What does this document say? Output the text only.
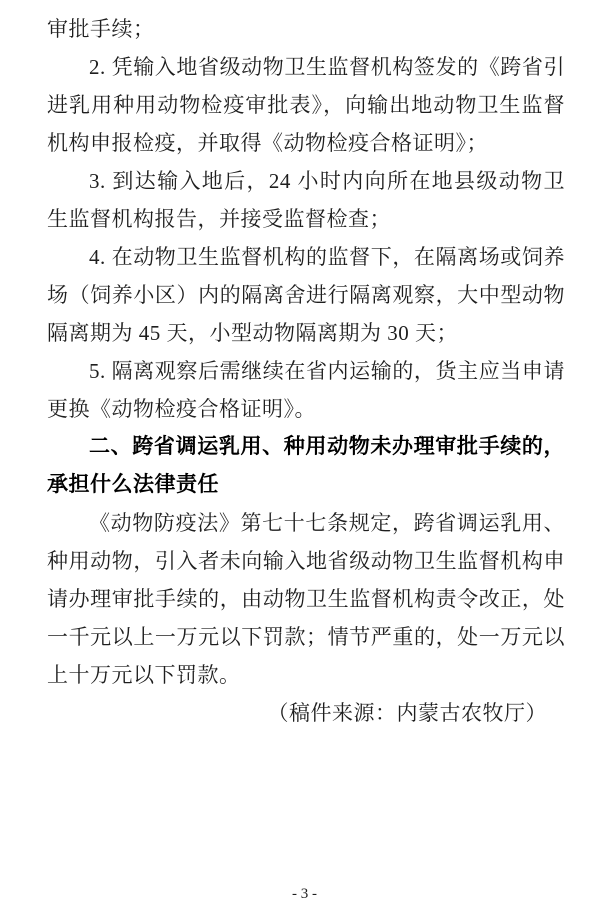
审批手续；

2. 凭输入地省级动物卫生监督机构签发的《跨省引进乳用种用动物检疫审批表》，向输出地动物卫生监督机构申报检疫，并取得《动物检疫合格证明》；

3. 到达输入地后，24 小时内向所在地县级动物卫生监督机构报告，并接受监督检查；

4. 在动物卫生监督机构的监督下，在隔离场或饲养场（饲养小区）内的隔离舍进行隔离观察，大中型动物隔离期为 45 天，小型动物隔离期为 30 天；

5. 隔离观察后需继续在省内运输的，货主应当申请更换《动物检疫合格证明》。

二、跨省调运乳用、种用动物未办理审批手续的，承担什么法律责任

《动物防疫法》第七十七条规定，跨省调运乳用、种用动物，引入者未向输入地省级动物卫生监督机构申请办理审批手续的，由动物卫生监督机构责令改正，处一千元以上一万元以下罚款；情节严重的，处一万元以上十万元以下罚款。

（稿件来源：内蒙古农牧厅）

- 3 -
